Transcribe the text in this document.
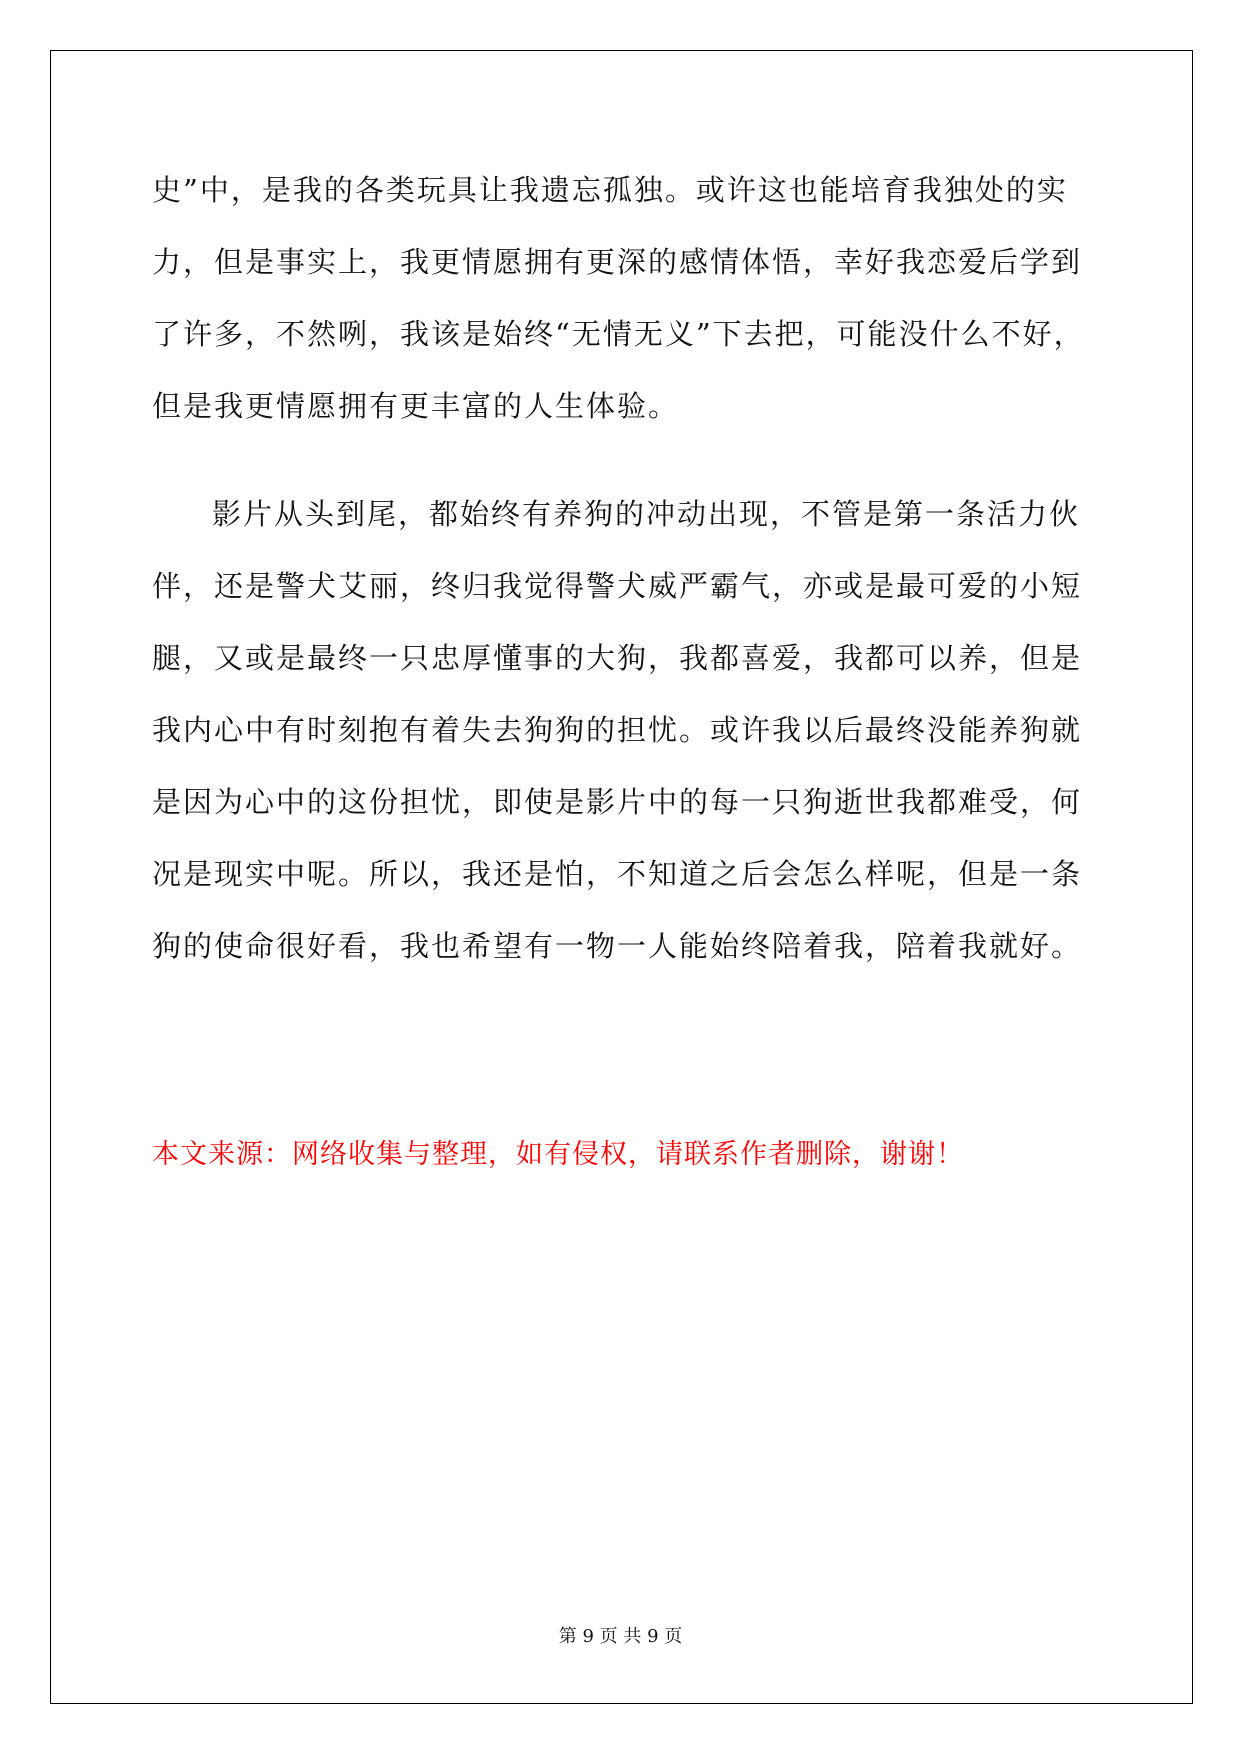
史”中，是我的各类玩具让我遗忘孤独。或许这也能培育我独处的实
力，但是事实上，我更情愿拥有更深的感情体悟，幸好我恋爱后学到
了许多，不然咧，我该是始终“无情无义”下去把，可能没什么不好，
但是我更情愿拥有更丰富的人生体验。
影片从头到尾，都始终有养狗的冲动出现，不管是第一条活力伙
伴，还是警犬艾丽，终归我觉得警犬威严霸气，亦或是最可爱的小短
腿，又或是最终一只忠厚懂事的大狗，我都喜爱，我都可以养，但是
我内心中有时刻抱有着失去狗狗的担忧。或许我以后最终没能养狗就
是因为心中的这份担忧，即使是影片中的每一只狗逝世我都难受，何
况是现实中呢。所以，我还是怕，不知道之后会怎么样呢，但是一条
狗的使命很好看，我也希望有一物一人能始终陪着我，陪着我就好。
本文来源：网络收集与整理，如有侵权，请联系作者删除，谢谢！
第 9 页 共 9 页
